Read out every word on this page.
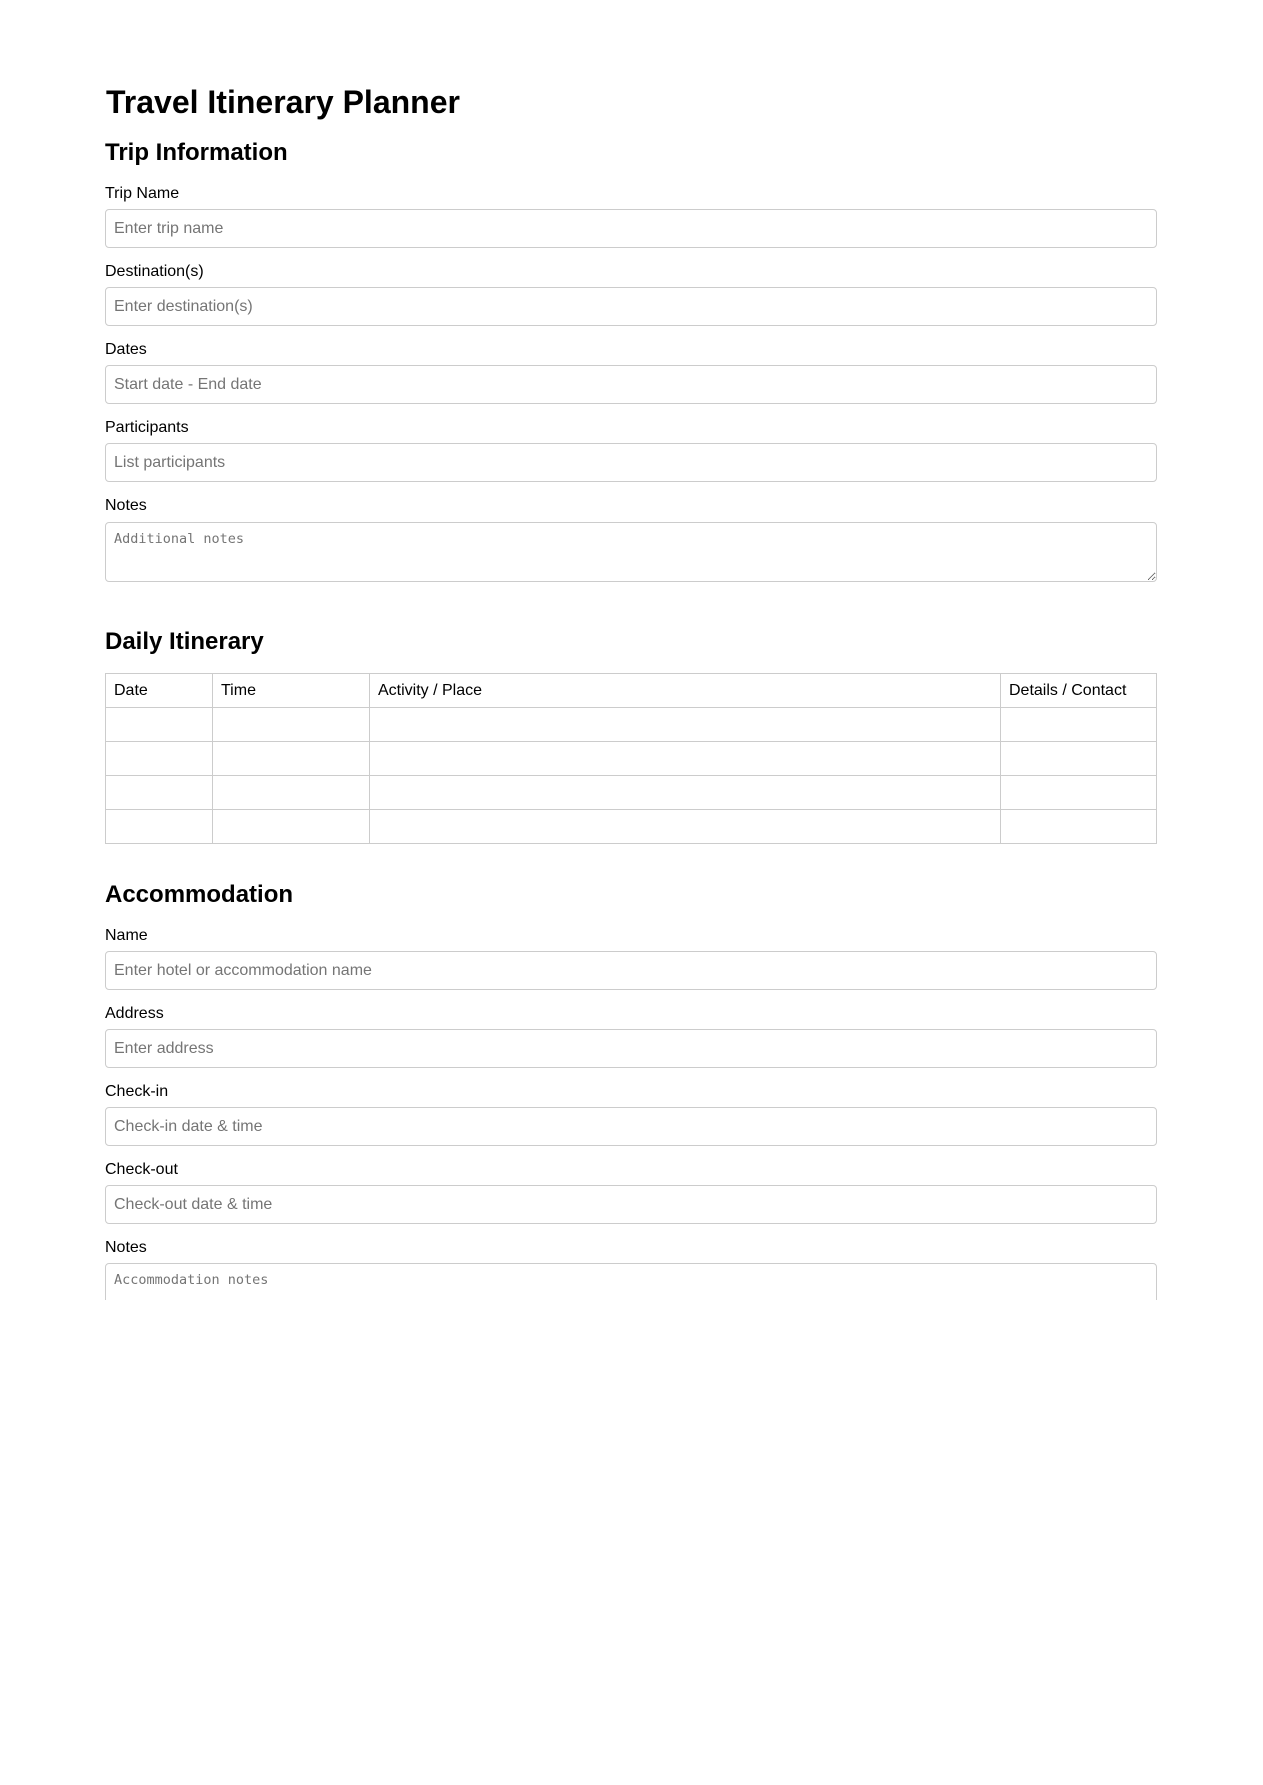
Travel Itinerary Planner
Trip Information
Trip Name
Enter trip name
Destination(s)
Enter destination(s)
Dates
Start date - End date
Participants
List participants
Notes
Additional notes
Daily Itinerary
Date	Time	Activity / Place	Details / Contact

Accommodation
Name
Enter hotel or accommodation name
Address
Enter address
Check-in
Check-in date & time
Check-out
Check-out date & time
Notes
Accommodation notes
